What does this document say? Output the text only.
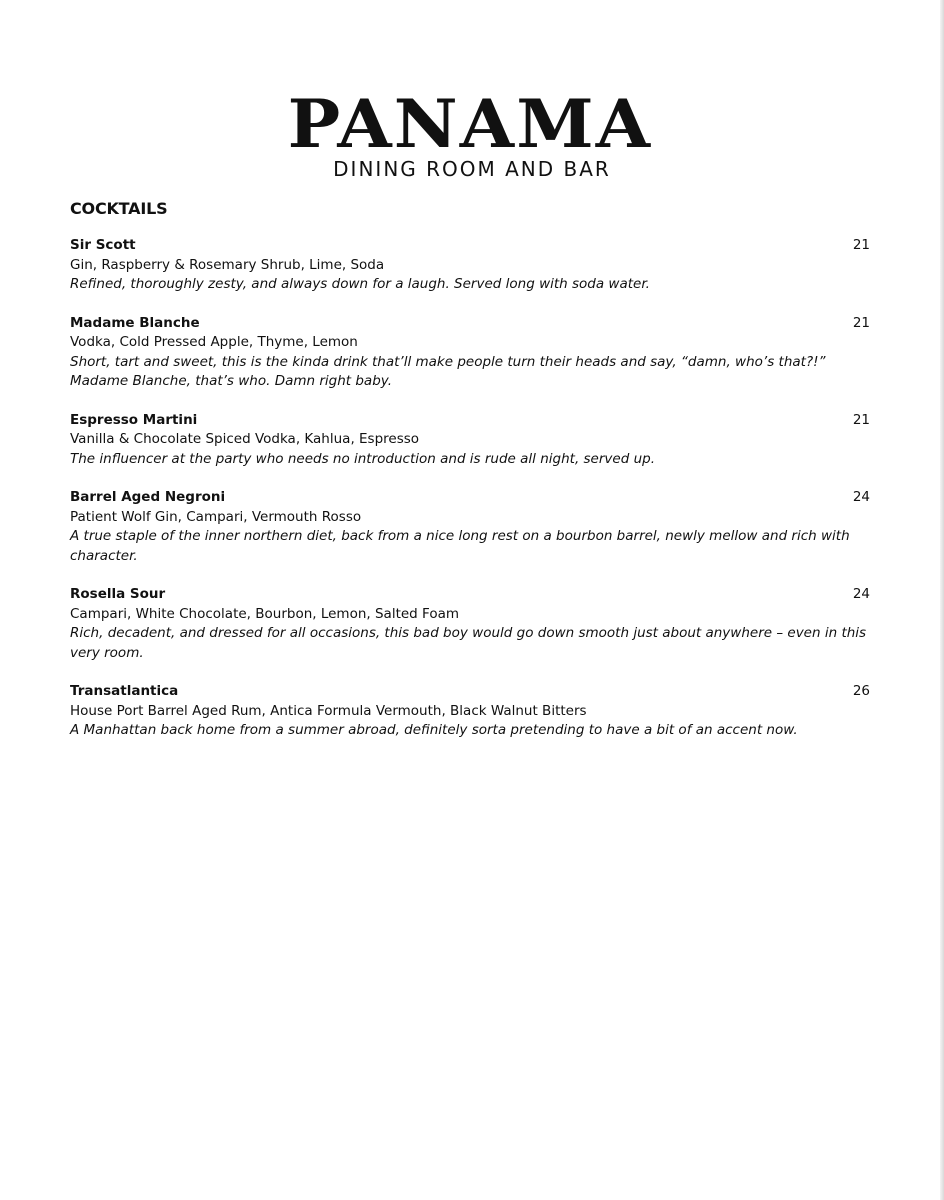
PANAMA
DINING ROOM AND BAR
COCKTAILS
Sir Scott	21
Gin, Raspberry & Rosemary Shrub, Lime, Soda
Refined, thoroughly zesty, and always down for a laugh. Served long with soda water.
Madame Blanche	21
Vodka, Cold Pressed Apple, Thyme, Lemon
Short, tart and sweet, this is the kinda drink that’ll make people turn their heads and say, “damn, who’s that?!” Madame Blanche, that’s who. Damn right baby.
Espresso Martini	21
Vanilla & Chocolate Spiced Vodka, Kahlua, Espresso
The influencer at the party who needs no introduction and is rude all night, served up.
Barrel Aged Negroni	24
Patient Wolf Gin, Campari, Vermouth Rosso
A true staple of the inner northern diet, back from a nice long rest on a bourbon barrel, newly mellow and rich with character.
Rosella Sour	24
Campari, White Chocolate, Bourbon, Lemon, Salted Foam
Rich, decadent, and dressed for all occasions, this bad boy would go down smooth just about anywhere – even in this very room.
Transatlantica	26
House Port Barrel Aged Rum, Antica Formula Vermouth, Black Walnut Bitters
A Manhattan back home from a summer abroad, definitely sorta pretending to have a bit of an accent now.
